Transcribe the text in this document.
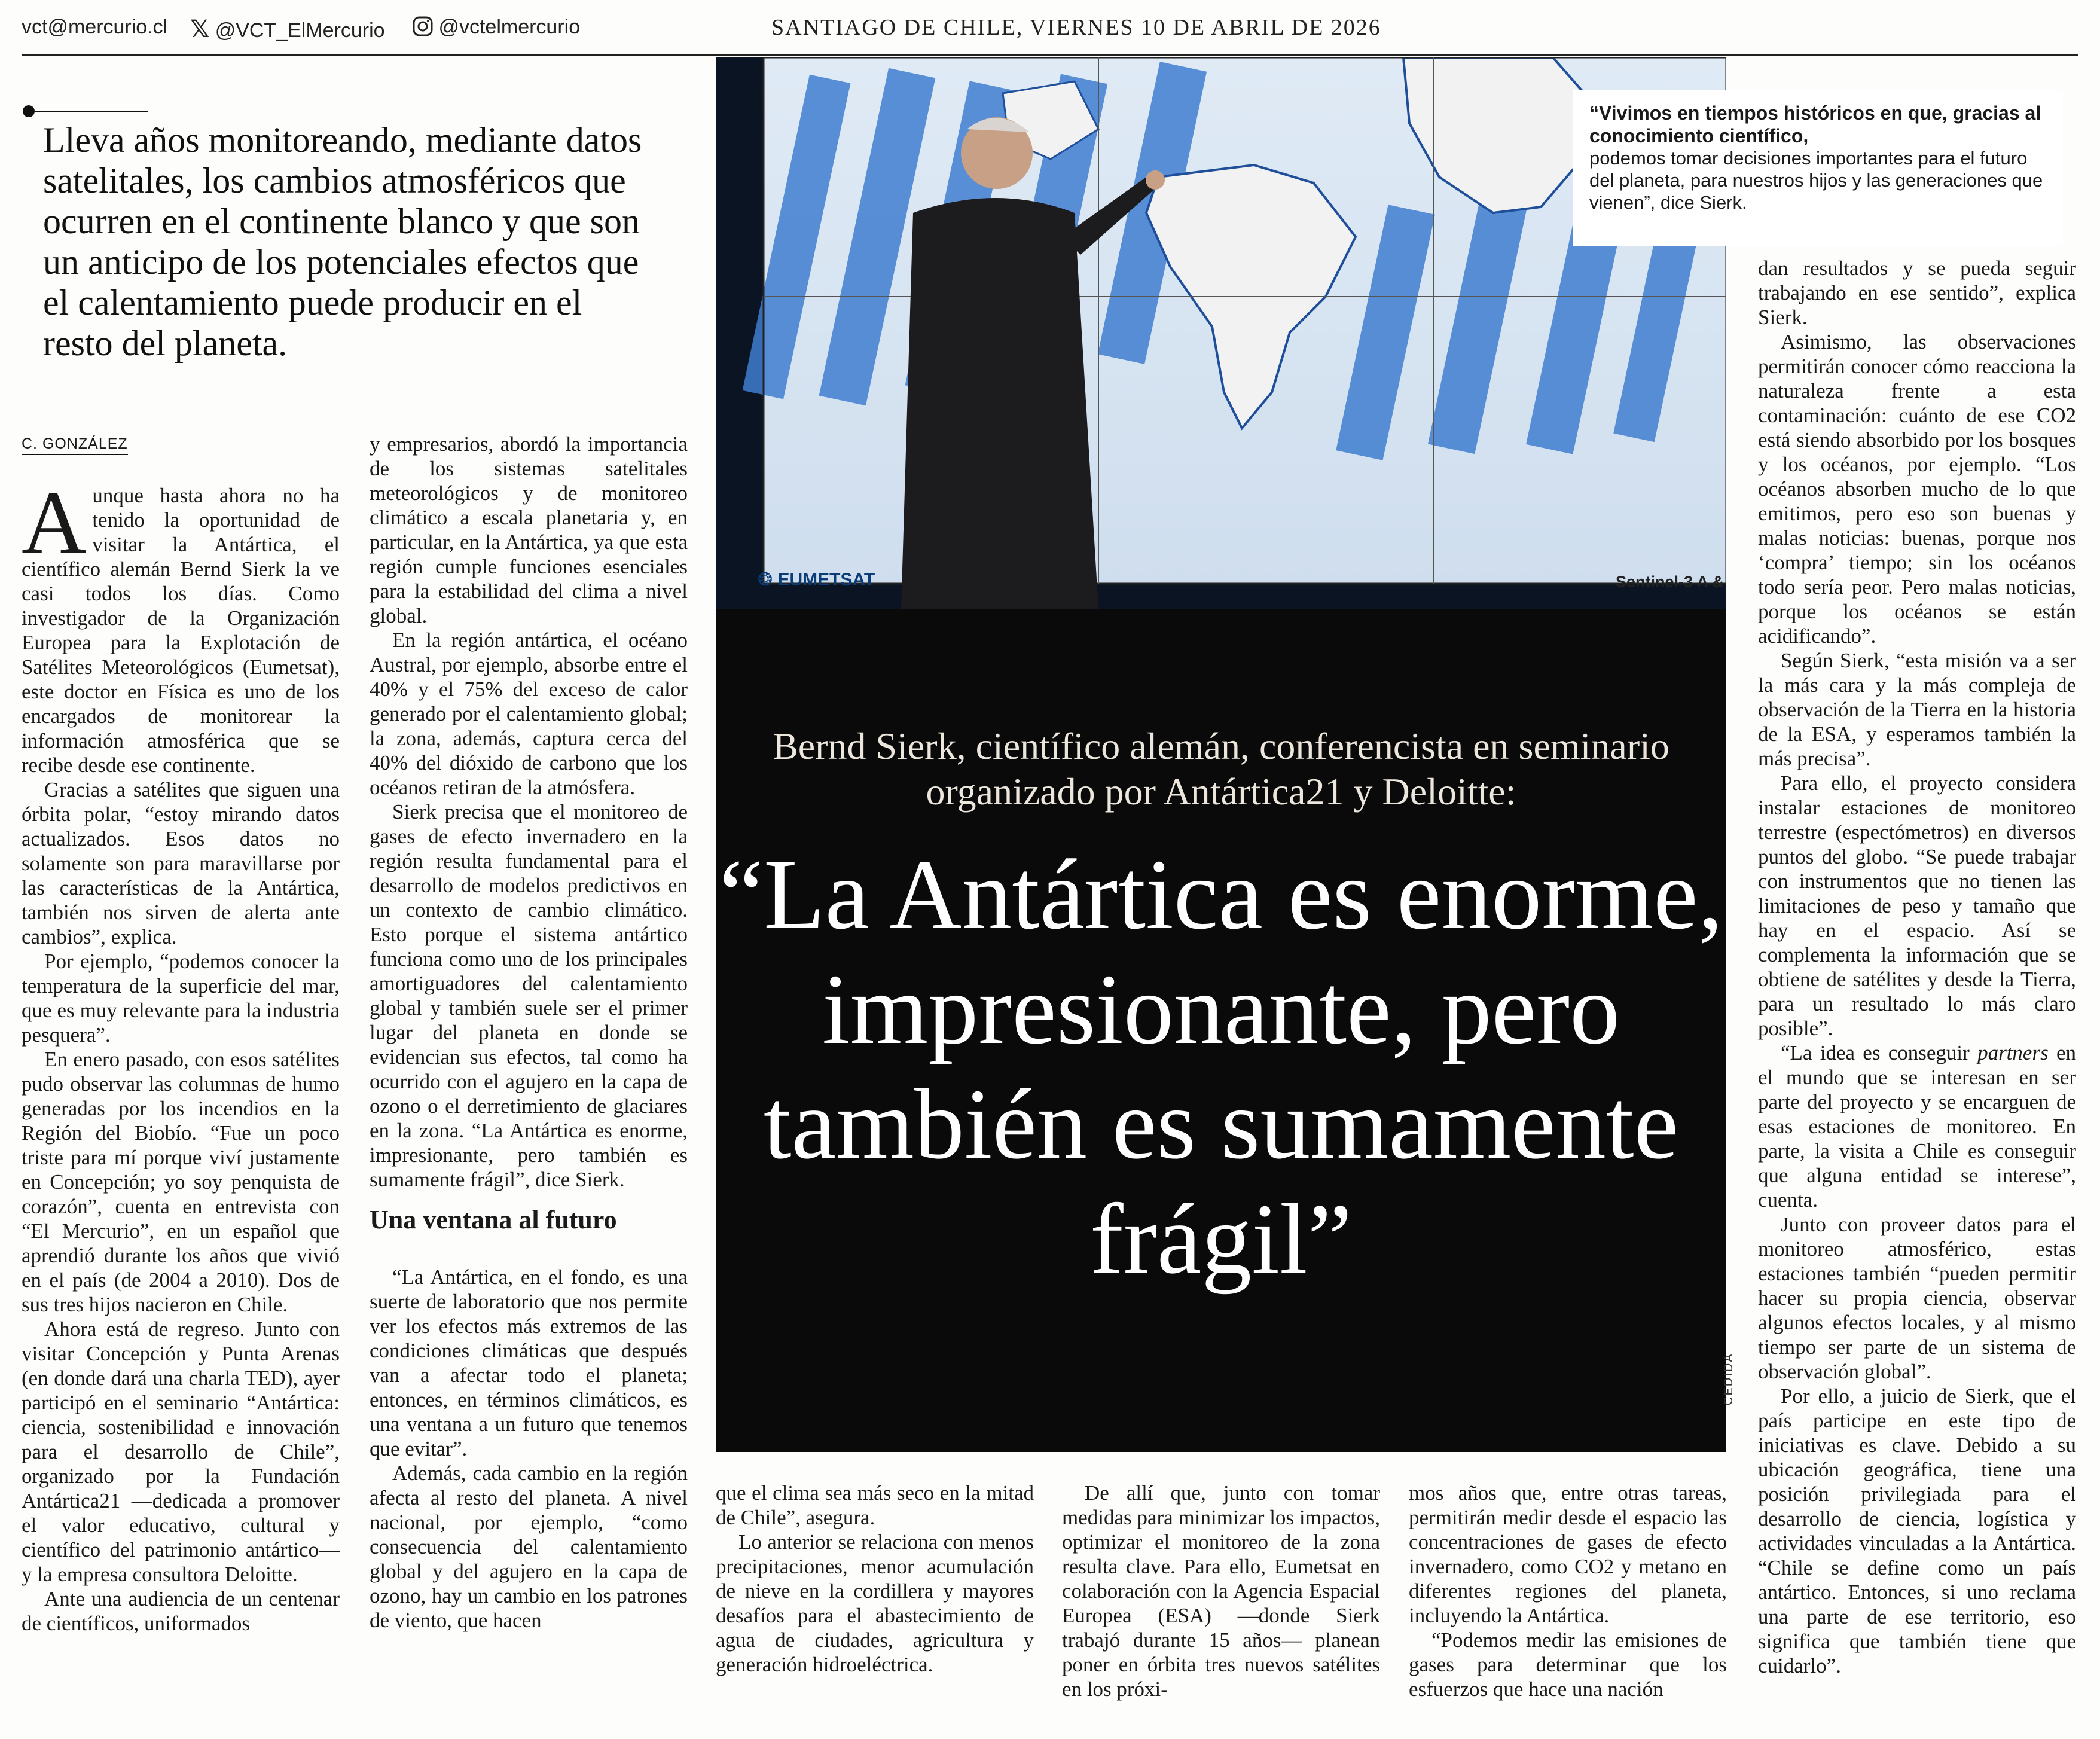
vct@mercurio.cl 𝕏 @VCT_ElMercurio	@vctelmercurio	SANTIAGO DE CHILE, VIERNES 10 DE ABRIL DE 2026
Lleva años monitoreando, mediante datos satelitales, los cambios atmosféricos que ocurren en el continente blanco y que son un anticipo de los potenciales efectos que el calentamiento puede producir en el resto del planeta.
C. GONZÁLEZ

Aunque hasta ahora no ha tenido la oportunidad de visitar la Antártica, el científico alemán Bernd Sierk la ve casi todos los días. Como investigador de la Organización Europea para la Explotación de Satélites Meteorológicos (Eumetsat), este doctor en Física es uno de los encargados de monitorear la información atmosférica que se recibe desde ese continente.

Gracias a satélites que siguen una órbita polar, “estoy mirando datos actualizados. Esos datos no solamente son para maravillarse por las características de la Antártica, también nos sirven de alerta ante cambios”, explica.

Por ejemplo, “podemos conocer la temperatura de la superficie del mar, que es muy relevante para la industria pesquera”.

En enero pasado, con esos satélites pudo observar las columnas de humo generadas por los incendios en la Región del Biobío. “Fue un poco triste para mí porque viví justamente en Concepción; yo soy penquista de corazón”, cuenta en entrevista con “El Mercurio”, en un español que aprendió durante los años que vivió en el país (de 2004 a 2010). Dos de sus tres hijos nacieron en Chile.

Ahora está de regreso. Junto con visitar Concepción y Punta Arenas (en donde dará una charla TED), ayer participó en el seminario “Antártica: ciencia, sostenibilidad e innovación para el desarrollo de Chile”, organizado por la Fundación Antártica21 —dedicada a promover el valor educativo, cultural y científico del patrimonio antártico— y la empresa consultora Deloitte.

Ante una audiencia de un centenar de científicos, uniformados

y empresarios, abordó la importancia de los sistemas satelitales meteorológicos y de monitoreo climático a escala planetaria y, en particular, en la Antártica, ya que esta región cumple funciones esenciales para la estabilidad del clima a nivel global.

En la región antártica, el océano Austral, por ejemplo, absorbe entre el 40% y el 75% del exceso de calor generado por el calentamiento global; la zona, además, captura cerca del 40% del dióxido de carbono que los océanos retiran de la atmósfera.

Sierk precisa que el monitoreo de gases de efecto invernadero en la región resulta fundamental para el desarrollo de modelos predictivos en un contexto de cambio climático. Esto porque el sistema antártico funciona como uno de los principales amortiguadores del calentamiento global y también suele ser el primer lugar del planeta en donde se evidencian sus efectos, tal como ha ocurrido con el agujero en la capa de ozono o el derretimiento de glaciares en la zona. “La Antártica es enorme, impresionante, pero también es sumamente frágil”, dice Sierk.

Una ventana al futuro

“La Antártica, en el fondo, es una suerte de laboratorio que nos permite ver los efectos más extremos de las condiciones climáticas que después van a afectar todo el planeta; entonces, en términos climáticos, es una ventana a un futuro que tenemos que evitar”.

Además, cada cambio en la región afecta al resto del planeta. A nivel nacional, por ejemplo, “como consecuencia del calentamiento global y del agujero en la capa de ozono, hay un cambio en los patrones de viento, que hacen

❂ EUMETSAT	Sentinel-3 A &
“Vivimos en tiempos históricos en que, gracias al conocimiento científico,
podemos tomar decisiones importantes para el futuro del planeta, para nuestros hijos y las generaciones que vienen”, dice Sierk.
Bernd Sierk, científico alemán, conferencista en seminario organizado por Antártica21 y Deloitte:
“La Antártica es enorme, impresionante, pero también es sumamente frágil”
CEDIDA

que el clima sea más seco en la mitad de Chile”, asegura.

Lo anterior se relaciona con menos precipitaciones, menor acumulación de nieve en la cordillera y mayores desafíos para el abastecimiento de agua de ciudades, agricultura y generación hidroeléctrica.

De allí que, junto con tomar medidas para minimizar los impactos, optimizar el monitoreo de la zona resulta clave. Para ello, Eumetsat en colaboración con la Agencia Espacial Europea (ESA) —donde Sierk trabajó durante 15 años— planean poner en órbita tres nuevos satélites en los próxi-

mos años que, entre otras tareas, permitirán medir desde el espacio las concentraciones de gases de efecto invernadero, como CO2 y metano en diferentes regiones del planeta, incluyendo la Antártica.

“Podemos medir las emisiones de gases para determinar que los esfuerzos que hace una nación

dan resultados y se pueda seguir trabajando en ese sentido”, explica Sierk.

Asimismo, las observaciones permitirán conocer cómo reacciona la naturaleza frente a esta contaminación: cuánto de ese CO2 está siendo absorbido por los bosques y los océanos, por ejemplo. “Los océanos absorben mucho de lo que emitimos, pero eso son buenas y malas noticias: buenas, porque nos ‘compra’ tiempo; sin los océanos todo sería peor. Pero malas noticias, porque los océanos se están acidificando”.

Según Sierk, “esta misión va a ser la más cara y la más compleja de observación de la Tierra en la historia de la ESA, y esperamos también la más precisa”.

Para ello, el proyecto considera instalar estaciones de monitoreo terrestre (espectómetros) en diversos puntos del globo. “Se puede trabajar con instrumentos que no tienen las limitaciones de peso y tamaño que hay en el espacio. Así se complementa la información que se obtiene de satélites y desde la Tierra, para un resultado lo más claro posible”.

“La idea es conseguir partners en el mundo que se interesan en ser parte del proyecto y se encarguen de esas estaciones de monitoreo. En parte, la visita a Chile es conseguir que alguna entidad se interese”, cuenta.

Junto con proveer datos para el monitoreo atmosférico, estas estaciones también “pueden permitir hacer su propia ciencia, observar algunos efectos locales, y al mismo tiempo ser parte de un sistema de observación global”.

Por ello, a juicio de Sierk, que el país participe en este tipo de iniciativas es clave. Debido a su ubicación geográfica, tiene una posición privilegiada para el desarrollo de ciencia, logística y actividades vinculadas a la Antártica. “Chile se define como un país antártico. Entonces, si uno reclama una parte de ese territorio, eso significa que también tiene que cuidarlo”.
